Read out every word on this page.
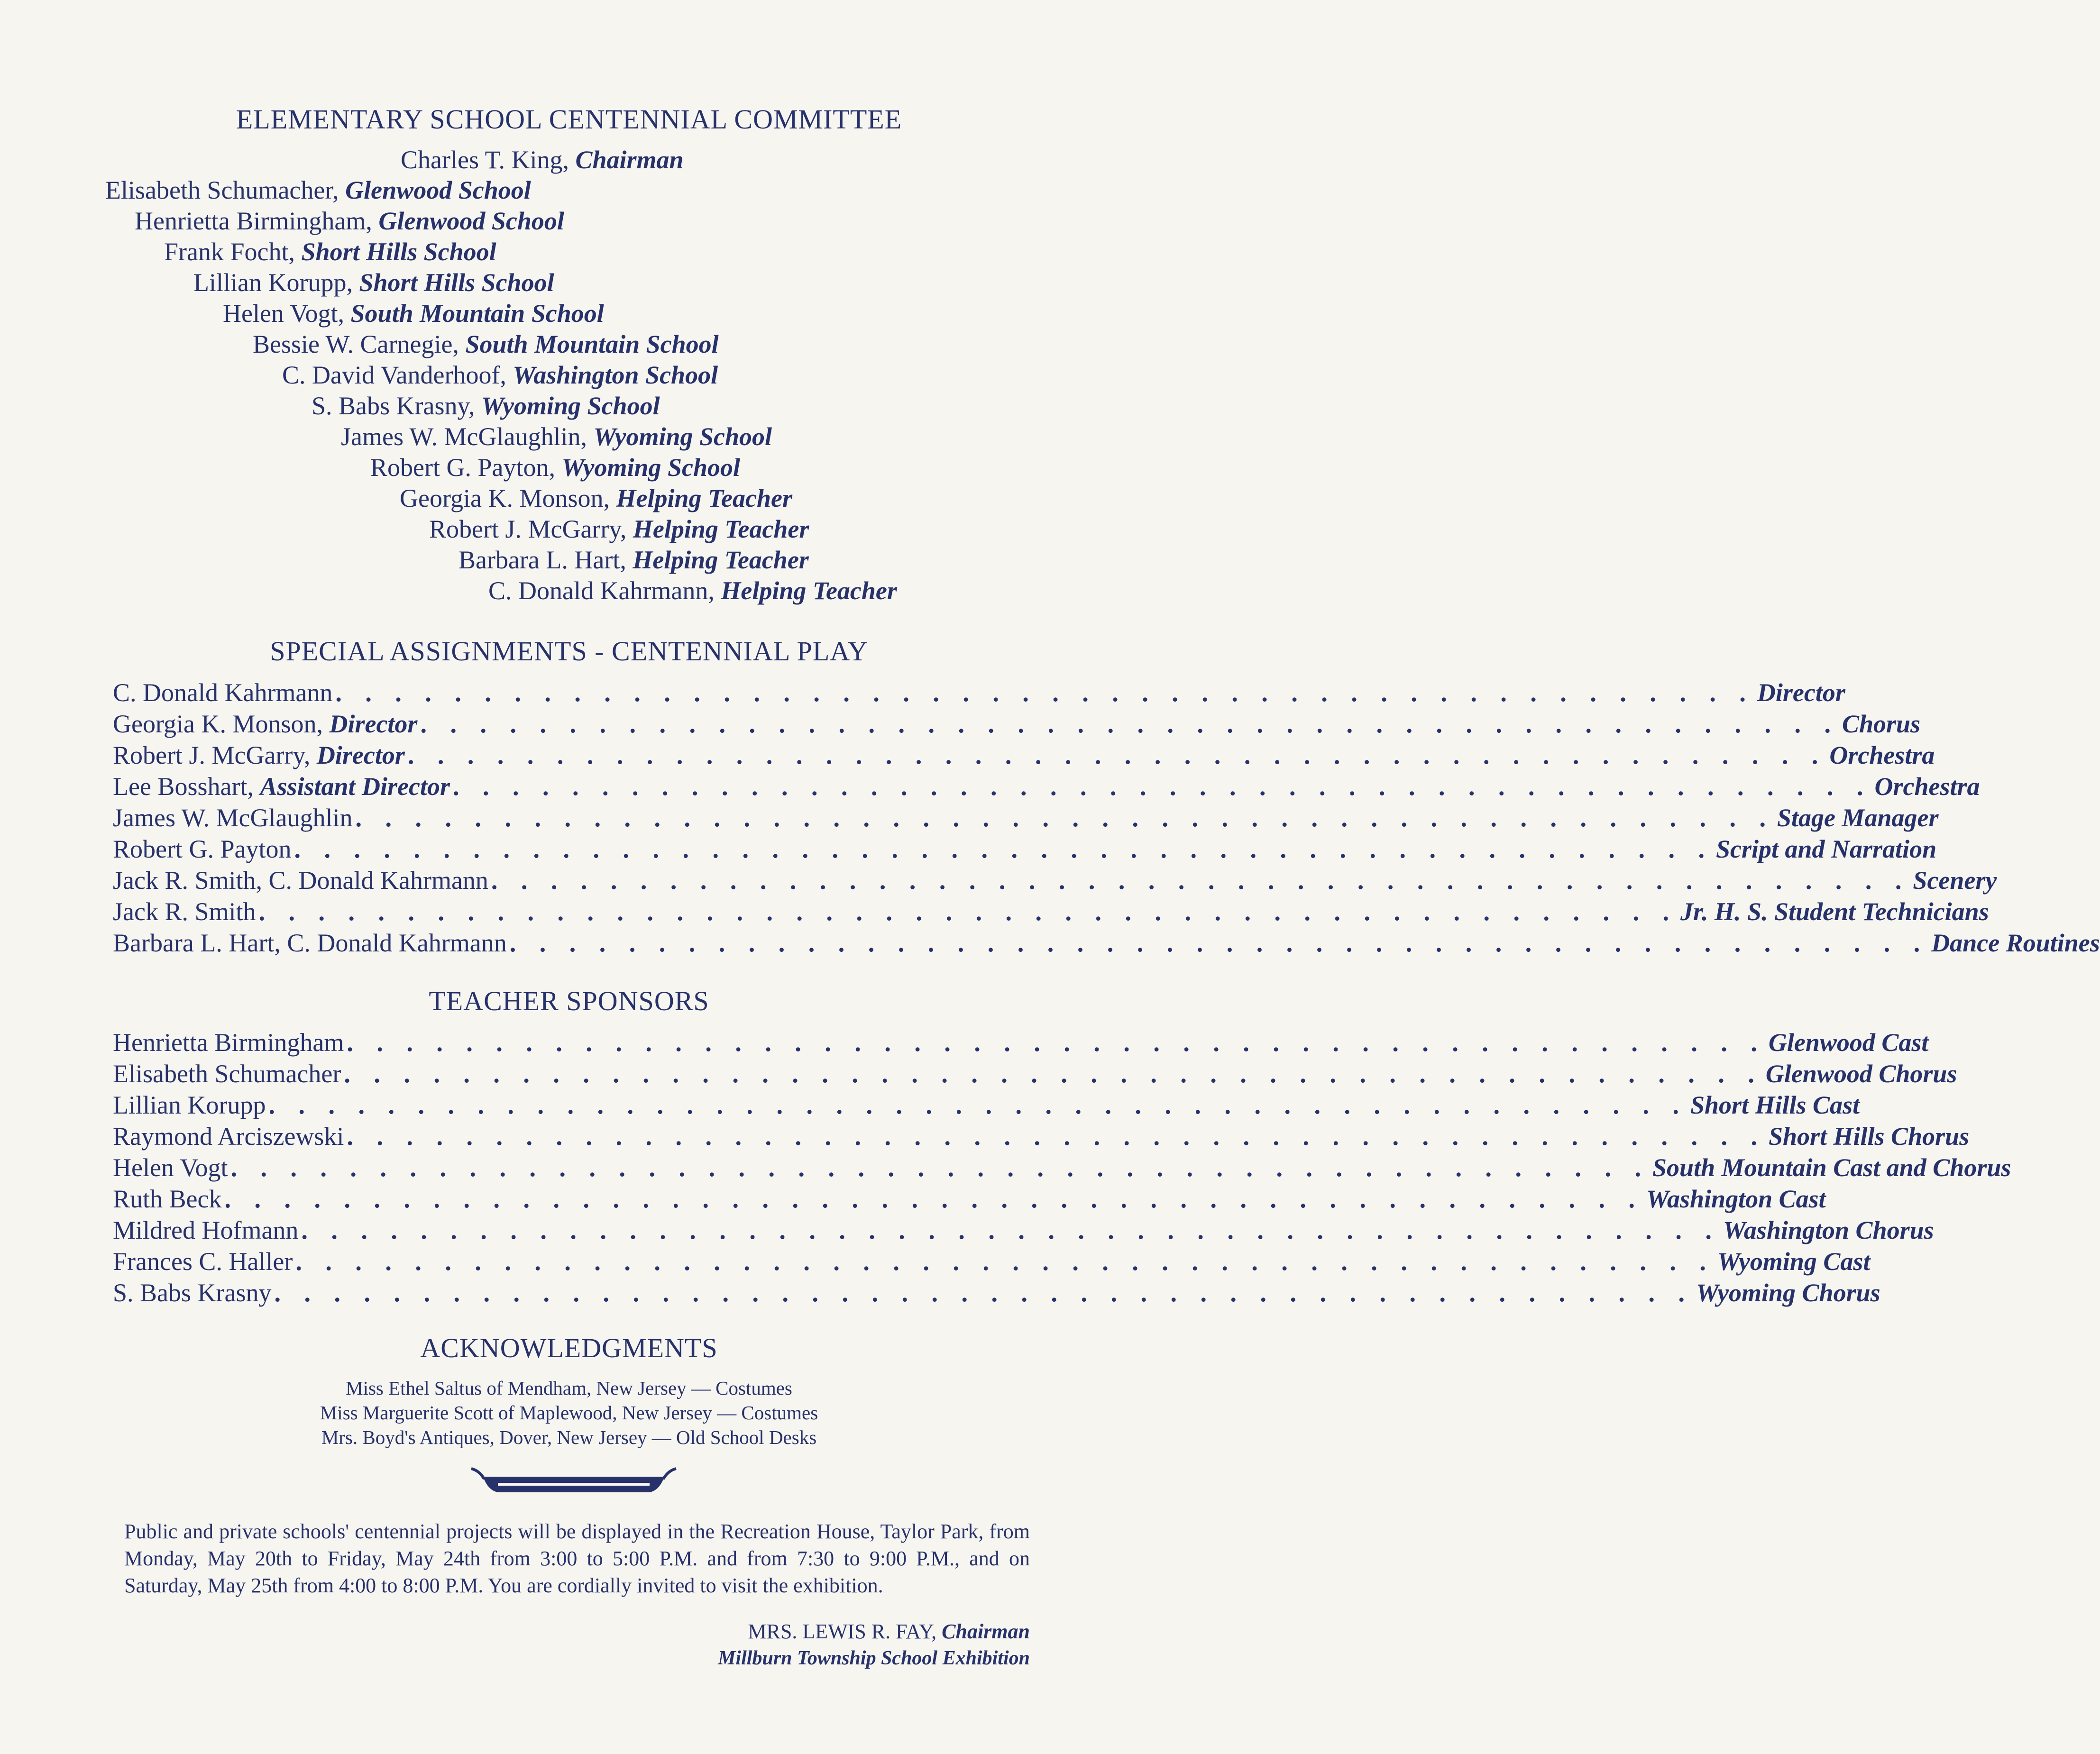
ELEMENTARY SCHOOL CENTENNIAL COMMITTEE
Charles T. King, Chairman
Elisabeth Schumacher, Glenwood School
Henrietta Birmingham, Glenwood School
Frank Focht, Short Hills School
Lillian Korupp, Short Hills School
Helen Vogt, South Mountain School
Bessie W. Carnegie, South Mountain School
C. David Vanderhoof, Washington School
S. Babs Krasny, Wyoming School
James W. McGlaughlin, Wyoming School
Robert G. Payton, Wyoming School
Georgia K. Monson, Helping Teacher
Robert J. McGarry, Helping Teacher
Barbara L. Hart, Helping Teacher
C. Donald Kahrmann, Helping Teacher
SPECIAL ASSIGNMENTS - CENTENNIAL PLAY
C. Donald Kahrmann . . . . . . . . . . . . . . . . . . . . . . . . . . . . . . . . . . . . . . . . . . . . . . . . Director
Georgia K. Monson, Director . . . . . . . . . . . . . . . . . . . . . . . . . . . . . . . . . . . . . . . . . . . . . . . . Chorus
Robert J. McGarry, Director . . . . . . . . . . . . . . . . . . . . . . . . . . . . . . . . . . . . . . . . . . . . . . . . Orchestra
Lee Bosshart, Assistant Director . . . . . . . . . . . . . . . . . . . . . . . . . . . . . . . . . . . . . . . . . . . . . . . . Orchestra
James W. McGlaughlin . . . . . . . . . . . . . . . . . . . . . . . . . . . . . . . . . . . . . . . . . . . . . . . . Stage Manager
Robert G. Payton . . . . . . . . . . . . . . . . . . . . . . . . . . . . . . . . . . . . . . . . . . . . . . . . Script and Narration
Jack R. Smith, C. Donald Kahrmann . . . . . . . . . . . . . . . . . . . . . . . . . . . . . . . . . . . . . . . . . . . . . . . . Scenery
Jack R. Smith . . . . . . . . . . . . . . . . . . . . . . . . . . . . . . . . . . . . . . . . . . . . . . . . Jr. H. S. Student Technicians
Barbara L. Hart, C. Donald Kahrmann . . . . . . . . . . . . . . . . . . . . . . . . . . . . . . . . . . . . . . . . . . . . . . . . Dance Routines
TEACHER SPONSORS
Henrietta Birmingham . . . . . . . . . . . . . . . . . . . . . . . . . . . . . . . . . . . . . . . . . . . . . . . . Glenwood Cast
Elisabeth Schumacher . . . . . . . . . . . . . . . . . . . . . . . . . . . . . . . . . . . . . . . . . . . . . . . . Glenwood Chorus
Lillian Korupp . . . . . . . . . . . . . . . . . . . . . . . . . . . . . . . . . . . . . . . . . . . . . . . . Short Hills Cast
Raymond Arciszewski . . . . . . . . . . . . . . . . . . . . . . . . . . . . . . . . . . . . . . . . . . . . . . . . Short Hills Chorus
Helen Vogt . . . . . . . . . . . . . . . . . . . . . . . . . . . . . . . . . . . . . . . . . . . . . . . . South Mountain Cast and Chorus
Ruth Beck . . . . . . . . . . . . . . . . . . . . . . . . . . . . . . . . . . . . . . . . . . . . . . . . Washington Cast
Mildred Hofmann . . . . . . . . . . . . . . . . . . . . . . . . . . . . . . . . . . . . . . . . . . . . . . . . Washington Chorus
Frances C. Haller . . . . . . . . . . . . . . . . . . . . . . . . . . . . . . . . . . . . . . . . . . . . . . . . Wyoming Cast
S. Babs Krasny . . . . . . . . . . . . . . . . . . . . . . . . . . . . . . . . . . . . . . . . . . . . . . . . Wyoming Chorus
ACKNOWLEDGMENTS
Miss Ethel Saltus of Mendham, New Jersey — Costumes
Miss Marguerite Scott of Maplewood, New Jersey — Costumes
Mrs. Boyd's Antiques, Dover, New Jersey — Old School Desks
Public and private schools' centennial projects will be displayed in the Recreation House, Taylor Park, from Monday, May 20th to Friday, May 24th from 3:00 to 5:00 P.M. and from 7:30 to 9:00 P.M., and on Saturday, May 25th from 4:00 to 8:00 P.M. You are cordially invited to visit the exhibition.
MRS. LEWIS R. FAY, Chairman
Millburn Township School Exhibition
